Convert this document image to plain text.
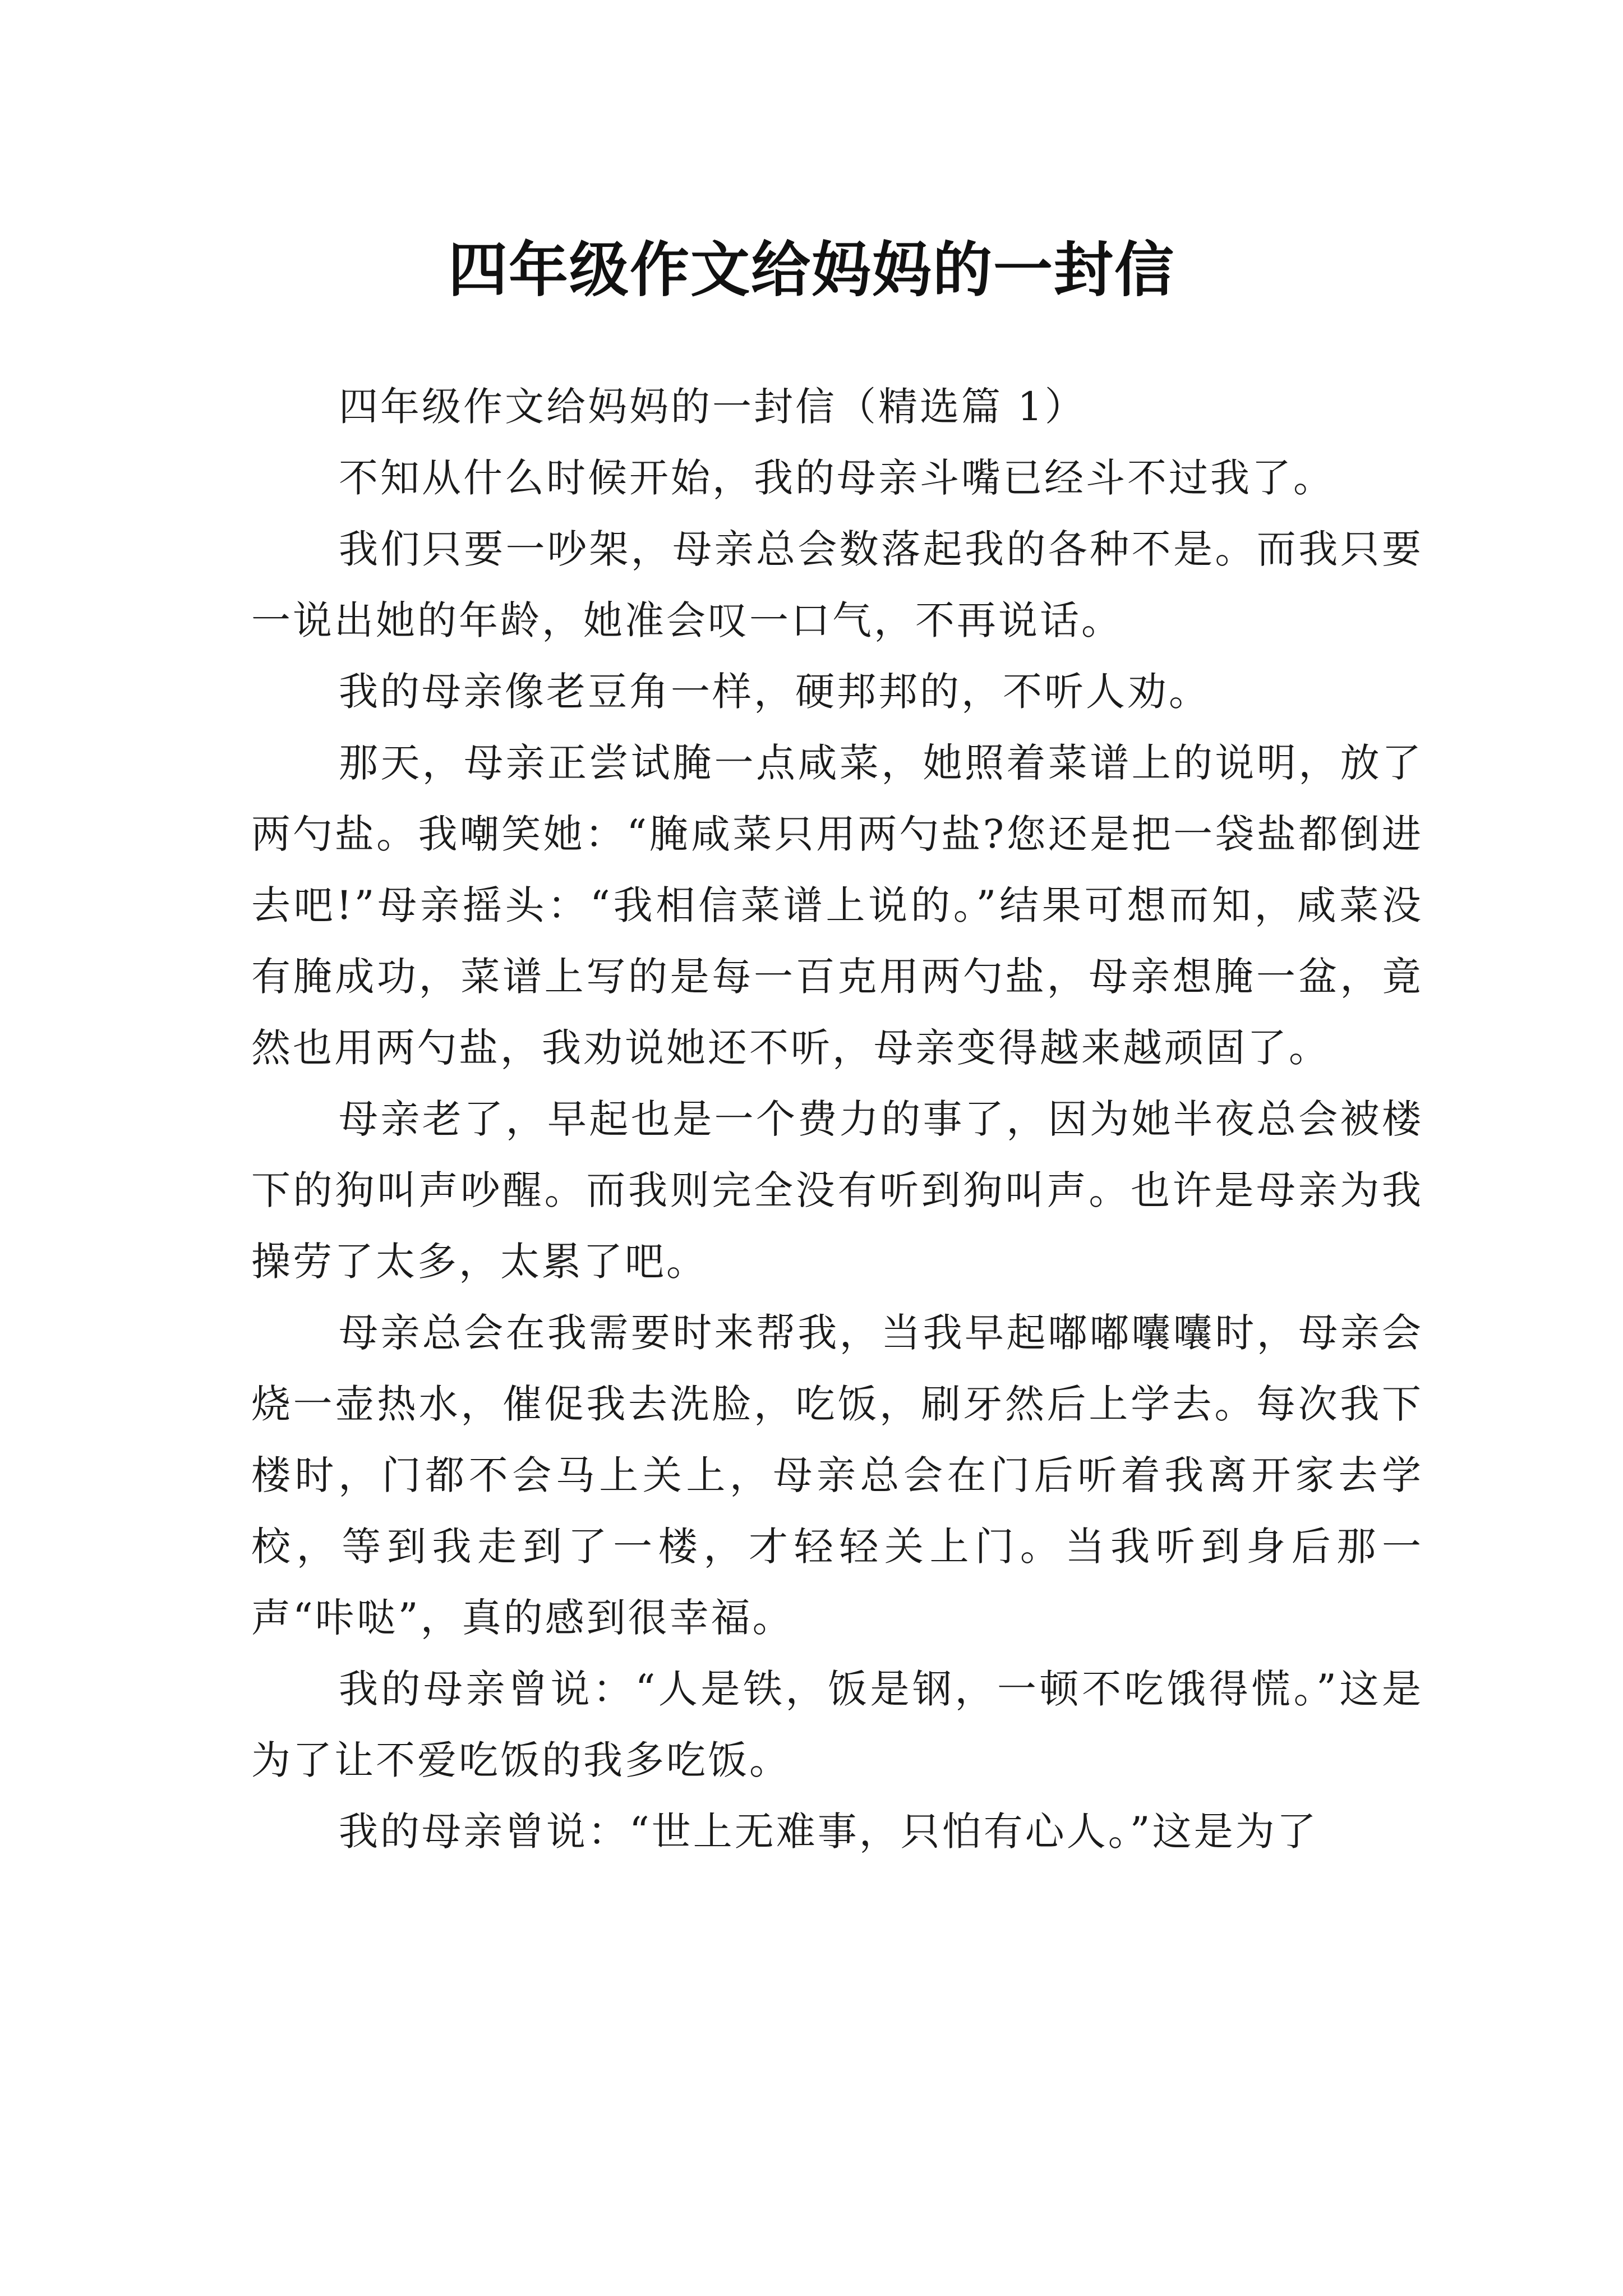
四年级作文给妈妈的一封信

四年级作文给妈妈的一封信（精选篇 1）

不知从什么时候开始，我的母亲斗嘴已经斗不过我了。

我们只要一吵架，母亲总会数落起我的各种不是。而我只要一说出她的年龄，她准会叹一口气，不再说话。

我的母亲像老豆角一样，硬邦邦的，不听人劝。

那天，母亲正尝试腌一点咸菜，她照着菜谱上的说明，放了两勺盐。我嘲笑她：“腌咸菜只用两勺盐?您还是把一袋盐都倒进去吧!”母亲摇头：“我相信菜谱上说的。”结果可想而知，咸菜没有腌成功，菜谱上写的是每一百克用两勺盐，母亲想腌一盆，竟然也用两勺盐，我劝说她还不听，母亲变得越来越顽固了。

母亲老了，早起也是一个费力的事了，因为她半夜总会被楼下的狗叫声吵醒。而我则完全没有听到狗叫声。也许是母亲为我操劳了太多，太累了吧。

母亲总会在我需要时来帮我，当我早起嘟嘟囔囔时，母亲会烧一壶热水，催促我去洗脸，吃饭，刷牙然后上学去。每次我下楼时，门都不会马上关上，母亲总会在门后听着我离开家去学校，等到我走到了一楼，才轻轻关上门。当我听到身后那一声“咔哒”，真的感到很幸福。

我的母亲曾说：“人是铁，饭是钢，一顿不吃饿得慌。”这是为了让不爱吃饭的我多吃饭。

我的母亲曾说：“世上无难事，只怕有心人。”这是为了
